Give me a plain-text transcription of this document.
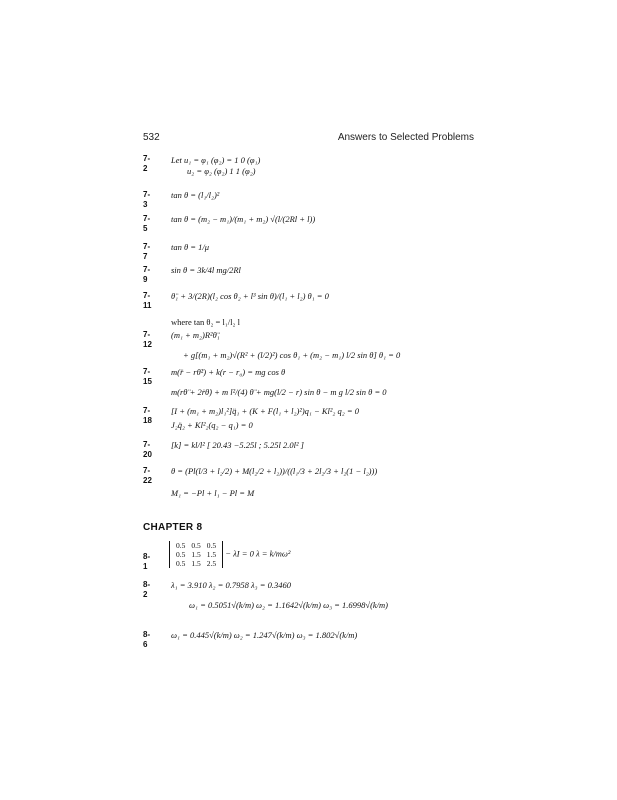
532	Answers to Selected Problems
7-2
Let u₁ = φ₁ (φ₂) = 1 0 (φ₁)
u₂ = φ₂ (φ₂) 1 1 (φ₂)
7-3
tan θ = (l₁/l₂)²
7-5
tan θ = (m₂ − m₁)/(m₁ + m₂) √(l/(2Rl + l))
7-7
tan θ = 1/μ
7-9
sin θ = 3k/4l mg/2Rl
7-11
θ̈₁ + 3/(2R)(l₂ cos θ₂ + l³ sin θ)/(l₁ + l₂) θ₁ = 0
where tan θ₂ = l₁/l₂ l
7-12
(m₁ + m₂)R²θ̈₁
+ g[(m₁ + m₂)√(R² + (l/2)²) cos θ₁ + (m₂ − m₁) l/2 sin θ] θ₁ = 0
7-15
m(r̈ − rθ̇²) + k(r − r₀) = mg cos θ
m(rθ̈ + 2ṙθ̇) + m l²/(4) θ̈ + mg(l/2 − r) sin θ − m g l/2 sin θ = 0
7-18
[I + (m₁ + m₂)l₁²]q̈₁ + (K + F(l₁ + l₂)²)q₁ − Kl²₂ q₂ = 0
J₂q̈₂ + Kl²₂(q₂ − q₁) = 0
7-20
[k] = kl/l² [ 20.43 −5.25l ; 5.25l 2.0l² ]
7-22
θ = (Pl(l/3 + l₂/2) + M(l₂/2 + l₂))/((l₁/3 + 2l₂/3 + l₂(1 − l₂)))
M₁ = −Pl + l₁ − Pl = M
CHAPTER 8
8-1
0.5	0.5	0.5
0.5	1.5	1.5
0.5	1.5	2.5
− λI = 0 λ = k/mω²
8-2
λ₁ = 3.910 λ₂ = 0.7958 λ₃ = 0.3460
ω₁ = 0.5051√(k/m) ω₂ = 1.1642√(k/m) ω₃ = 1.6998√(k/m)
8-6
ω₁ = 0.445√(k/m) ω₂ = 1.247√(k/m) ω₃ = 1.802√(k/m)
